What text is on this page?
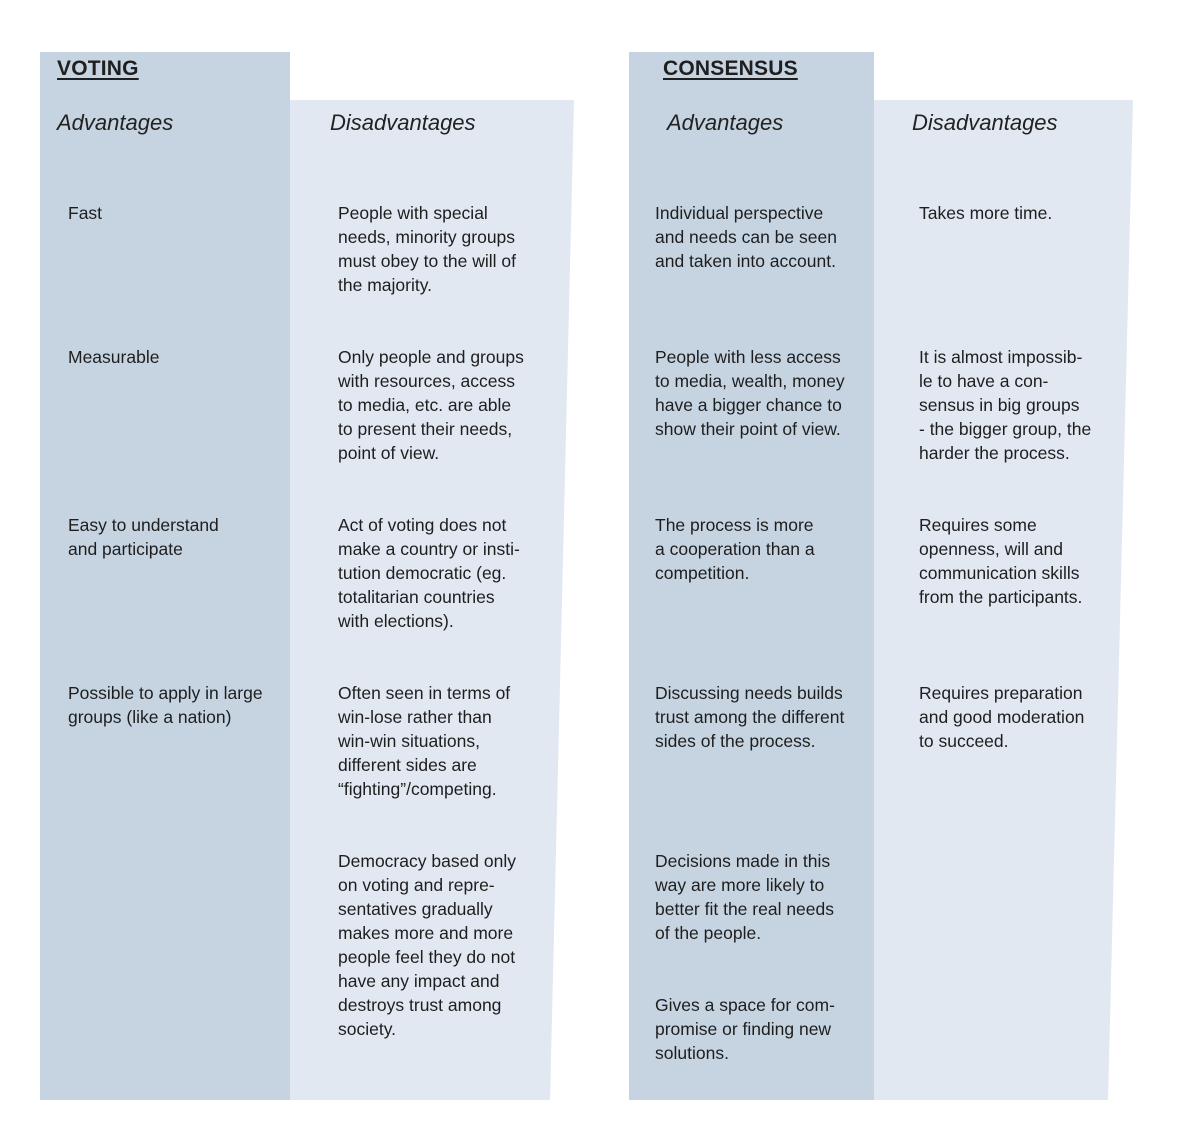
VOTING
Advantages	Disadvantages

Fast

Measurable

Easy to understand

and participate

Possible to apply in large

groups (like a nation)

People with special

needs, minority groups

must obey to the will of

the majority.

Only people and groups

with resources, access

to media, etc. are able

to present their needs,

point of view.

Act of voting does not

make a country or insti-

tution democratic (eg.

totalitarian countries

with elections).

Often seen in terms of

win-lose rather than

win-win situations,

different sides are

“fighting”/competing.

Democracy based only

on voting and repre-

sentatives gradually

makes more and more

people feel they do not

have any impact and

destroys trust among

society.

CONSENSUS
Advantages	Disadvantages

Individual perspective

and needs can be seen

and taken into account.

People with less access

to media, wealth, money

have a bigger chance to

show their point of view.

The process is more

a cooperation than a

competition.

Discussing needs builds

trust among the different

sides of the process.

Decisions made in this

way are more likely to

better fit the real needs

of the people.

Gives a space for com-

promise or finding new

solutions.

Takes more time.

It is almost impossib-

le to have a con-

sensus in big groups

- the bigger group, the

harder the process.

Requires some

openness, will and

communication skills

from the participants.

Requires preparation

and good moderation

to succeed.
